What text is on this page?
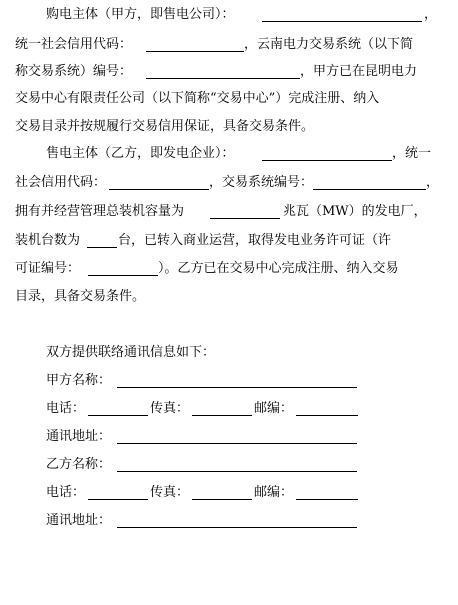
购电主体（甲方，即售电公司）：	，
统一社会信用代码：	，云南电力交易系统（以下简
称交易系统）编号：	，甲方已在昆明电力
交易中心有限责任公司（以下简称“交易中心”）完成注册、纳入
交易目录并按规履行交易信用保证，具备交易条件。
售电主体（乙方，即发电企业）：	，统一
社会信用代码：	，交易系统编号：	，
拥有并经营管理总装机容量为	兆瓦（MW）的发电厂，
装机台数为	台，已转入商业运营，取得发电业务许可证（许
可证编号：	）。乙方已在交易中心完成注册、纳入交易
目录，具备交易条件。
双方提供联络通讯信息如下：
甲方名称：
电话：	传真：	邮编：
通讯地址：
乙方名称：
电话：	传真：	邮编：
通讯地址：
